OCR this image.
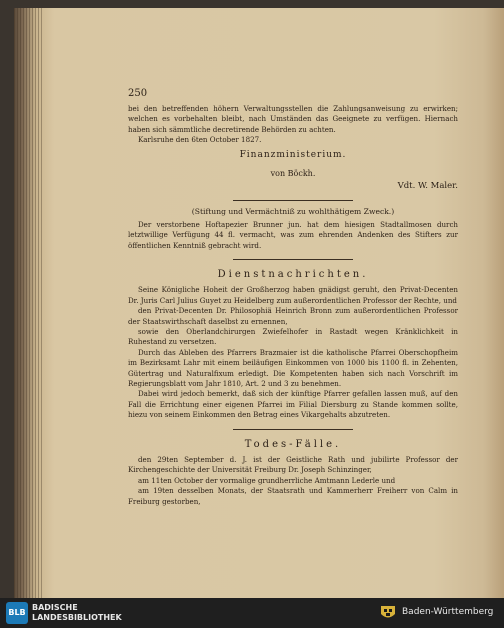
250

bei den betreffenden höhern Verwaltungsstellen die Zahlungsanweisung zu erwirken; welchen es vorbehalten bleibt, nach Umständen das Geeignete zu verfügen. Hiernach haben sich sämmtliche decretirende Behörden zu achten.

Karlsruhe den 6ten October 1827.

Finanzministerium.

von Böckh.

Vdt. W. Maler.

(Stiftung und Vermächtniß zu wohlthätigem Zweck.)

Der verstorbene Hoftapezier Brunner jun. hat dem hiesigen Stadtallmosen durch letztwillige Verfügung 44 fl. vermacht, was zum ehrenden Andenken des Stifters zur öffentlichen Kenntniß gebracht wird.

Dienstnachrichten.

Seine Königliche Hoheit der Großherzog haben gnädigst geruht, den Privat-Decenten Dr. Juris Carl Julius Guyet zu Heidelberg zum außerordentlichen Professor der Rechte, und

den Privat-Decenten Dr. Philosophiä Heinrich Bronn zum außerordentlichen Professor der Staatswirthschaft daselbst zu ernennen,

sowie den Oberlandchirurgen Zwiefelhofer in Rastadt wegen Kränklichkeit in Ruhestand zu versetzen.

Durch das Ableben des Pfarrers Brazmaier ist die katholische Pfarrei Oberschopfheim im Bezirksamt Lahr mit einem beiläufigen Einkommen von 1000 bis 1100 fl. in Zehenten, Gütertrag und Naturalfixum erledigt. Die Kompetenten haben sich nach Vorschrift im Regierungsblatt vom Jahr 1810, Art. 2 und 3 zu benehmen.

Dabei wird jedoch bemerkt, daß sich der künftige Pfarrer gefallen lassen muß, auf den Fall die Errichtung einer eigenen Pfarrei im Filial Diersburg zu Stande kommen sollte, hiezu von seinem Einkommen den Betrag eines Vikargehalts abzutreten.

Todes-Fälle.

den 29ten September d. J. ist der Geistliche Rath und jubilirte Professor der Kirchengeschichte der Universität Freiburg Dr. Joseph Schinzinger,

am 11ten October der vormalige grundherrliche Amtmann Lederle und

am 19ten desselben Monats, der Staatsrath und Kammerherr Freiherr von Calm in Freiburg gestorben,

BLB
BADISCHE
LANDESBIBLIOTHEK
Baden-Württemberg
